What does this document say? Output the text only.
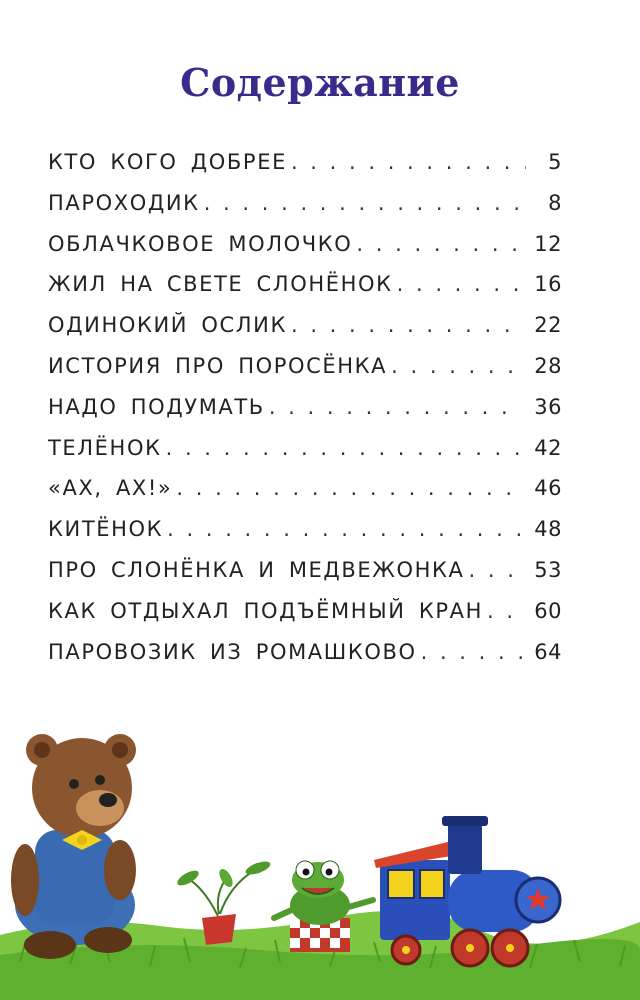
Содержание
КТО КОГО ДОБРЕЕ . . .	5
ПАРОХОДИК . . .	8
ОБЛАЧКОВОЕ МОЛОЧКО . . .	12
ЖИЛ НА СВЕТЕ СЛОНЁНОК . . .	16
ОДИНОКИЙ ОСЛИК . . .	22
ИСТОРИЯ ПРО ПОРОСЁНКА . . .	28
НАДО ПОДУМАТЬ . . .	36
ТЕЛЁНОК . . .	42
«АХ, АХ!» . . .	46
КИТЁНОК . . .	48
ПРО СЛОНЁНКА И МЕДВЕЖОНКА . . .	53
КАК ОТДЫХАЛ ПОДЪЁМНЫЙ КРАН . . . 60
ПАРОВОЗИК ИЗ РОМАШКОВО . . .	64
